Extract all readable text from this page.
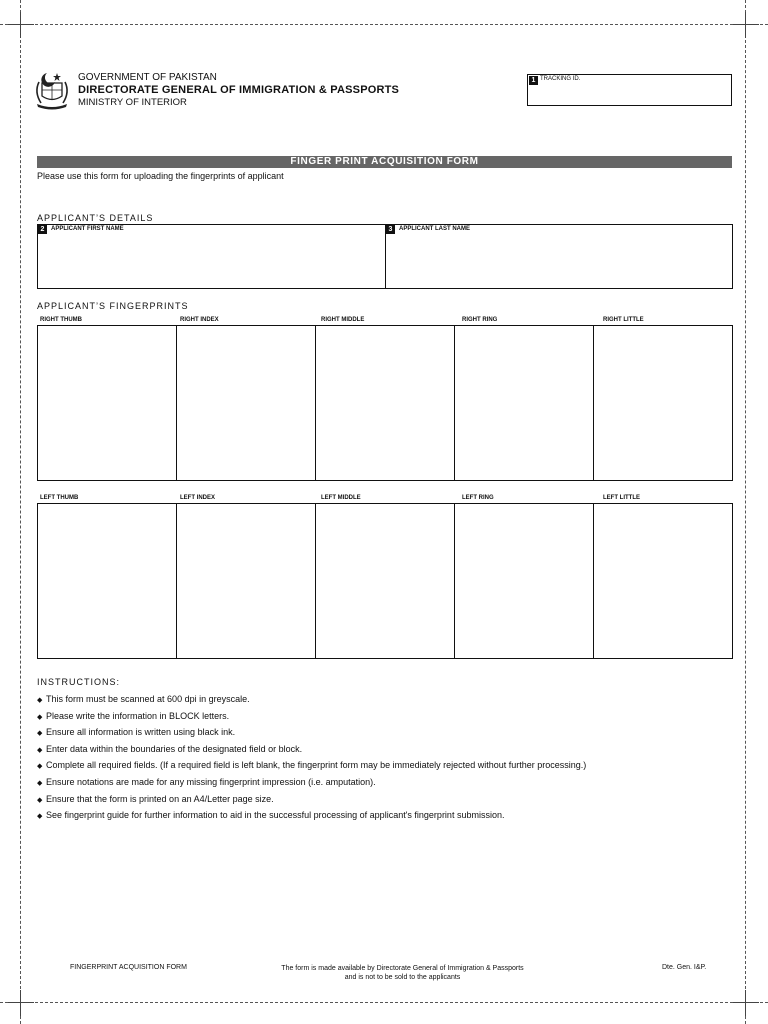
GOVERNMENT OF PAKISTAN
DIRECTORATE GENERAL OF IMMIGRATION & PASSPORTS
MINISTRY OF INTERIOR
1 TRACKING ID.
FINGER PRINT ACQUISITION FORM
Please use this form for uploading the fingerprints of applicant
APPLICANT’S DETAILS
2	APPLICANT FIRST NAME	3	APPLICANT LAST NAME
APPLICANT’S FINGERPRINTS
RIGHT THUMB	RIGHT INDEX	RIGHT MIDDLE	RIGHT RING	RIGHT LITTLE
LEFT THUMB	LEFT INDEX	LEFT MIDDLE	LEFT RING	LEFT LITTLE
INSTRUCTIONS:
◆ This form must be scanned at 600 dpi in greyscale.
◆ Please write the information in BLOCK letters.
◆ Ensure all information is written using black ink.
◆ Enter data within the boundaries of the designated field or block.
◆ Complete all required fields. (If a required field is left blank, the fingerprint form may be immediately rejected without further processing.)
◆ Ensure notations are made for any missing fingerprint impression (i.e. amputation).
◆ Ensure that the form is printed on an A4/Letter page size.
◆ See fingerprint guide for further information to aid in the successful processing of applicant's fingerprint submission.
FINGERPRINT ACQUISITION FORM	The form is made available by Directorate General of Immigration & Passports
and is not to be sold to the applicants
Dte. Gen. I&P.
